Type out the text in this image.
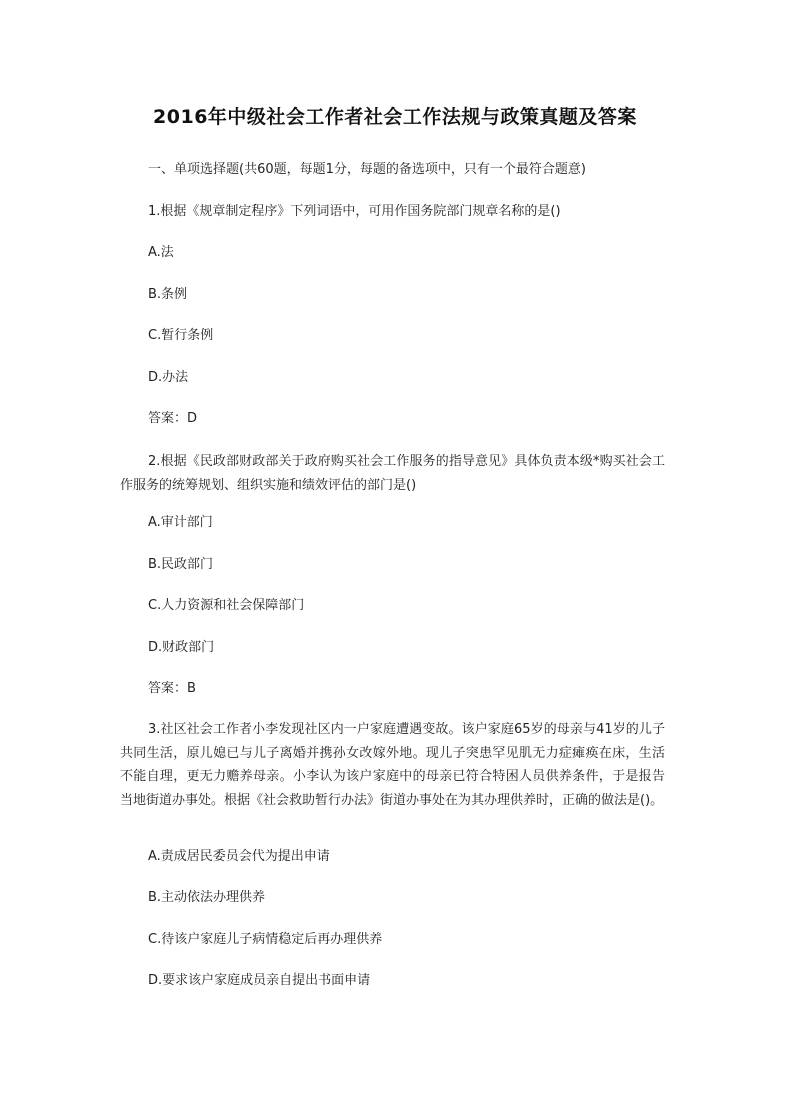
2016年中级社会工作者社会工作法规与政策真题及答案
一、单项选择题(共60题，每题1分，每题的备选项中，只有一个最符合题意)
1.根据《规章制定程序》下列词语中，可用作国务院部门规章名称的是()
A.法
B.条例
C.暂行条例
D.办法
答案：D
2.根据《民政部财政部关于政府购买社会工作服务的指导意见》具体负责本级*购买社会工作服务的统筹规划、组织实施和绩效评估的部门是()
A.审计部门
B.民政部门
C.人力资源和社会保障部门
D.财政部门
答案：B
3.社区社会工作者小李发现社区内一户家庭遭遇变故。该户家庭65岁的母亲与41岁的儿子共同生活，原儿媳已与儿子离婚并携孙女改嫁外地。现儿子突患罕见肌无力症瘫痪在床，生活不能自理，更无力赡养母亲。小李认为该户家庭中的母亲已符合特困人员供养条件，于是报告当地街道办事处。根据《社会救助暂行办法》街道办事处在为其办理供养时，正确的做法是()。
A.责成居民委员会代为提出申请
B.主动依法办理供养
C.待该户家庭儿子病情稳定后再办理供养
D.要求该户家庭成员亲自提出书面申请
